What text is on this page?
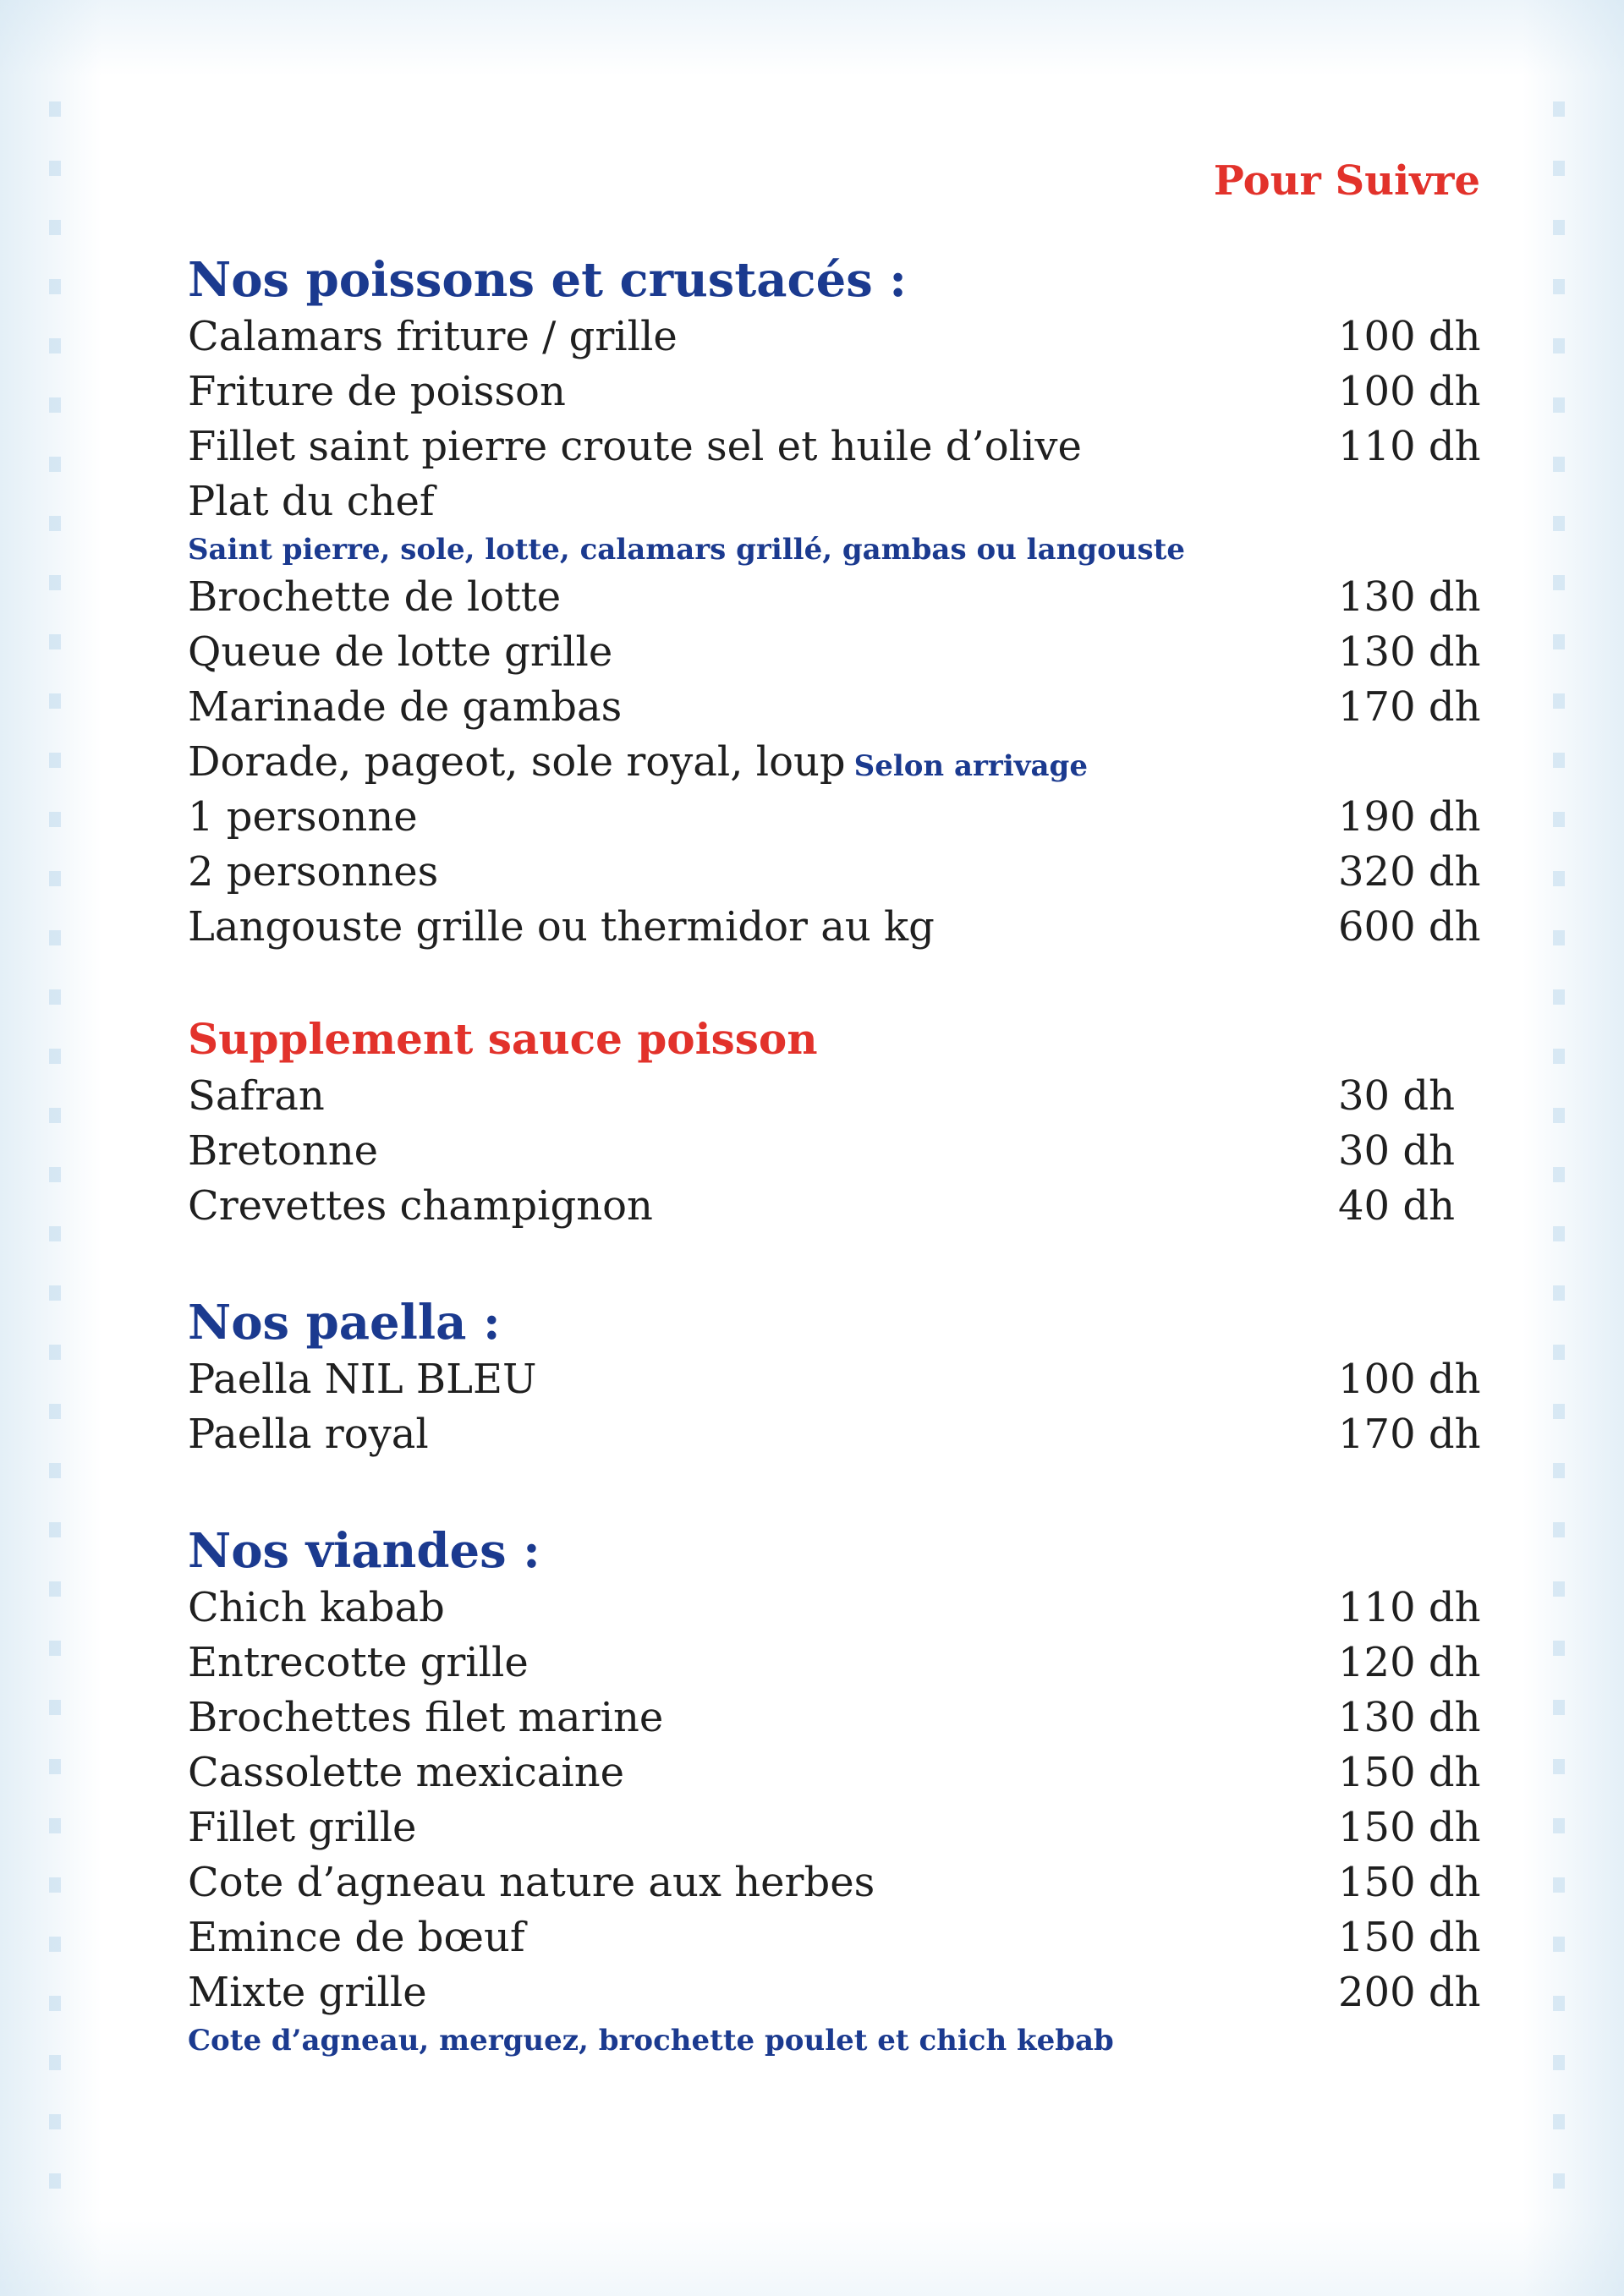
Pour Suivre
Nos poissons et crustacés :
Calamars friture / grille	100 dh
Friture de poisson	100 dh
Fillet saint pierre croute sel et huile d’olive	110 dh
Plat du chef
Saint pierre, sole, lotte, calamars grillé, gambas ou langouste
Brochette de lotte	130 dh
Queue de lotte grille	130 dh
Marinade de gambas	170 dh
Dorade, pageot, sole royal, loup Selon arrivage
1 personne	190 dh
2 personnes	320 dh
Langouste grille ou thermidor au kg	600 dh
Supplement sauce poisson
Safran	30 dh
Bretonne	30 dh
Crevettes champignon	40 dh
Nos paella :
Paella NIL BLEU	100 dh
Paella royal	170 dh
Nos viandes :
Chich kabab	110 dh
Entrecotte grille	120 dh
Brochettes filet marine	130 dh
Cassolette mexicaine	150 dh
Fillet grille	150 dh
Cote d’agneau nature aux herbes	150 dh
Emince de bœuf	150 dh
Mixte grille	200 dh
Cote d’agneau, merguez, brochette poulet et chich kebab
